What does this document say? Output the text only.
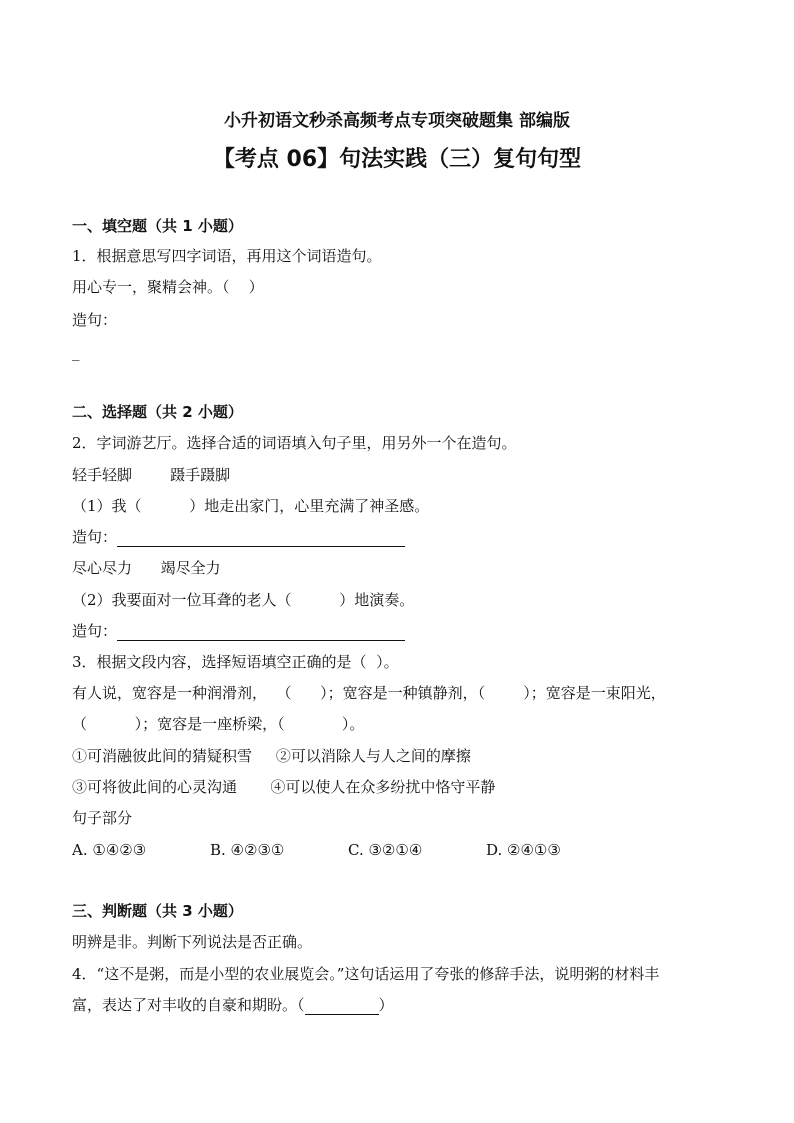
小升初语文秒杀高频考点专项突破题集 部编版
【考点 06】句法实践（三）复句句型
一、填空题（共 1 小题）
1．根据意思写四字词语，再用这个词语造句。
用心专一，聚精会神。（    ）
造句：
_
二、选择题（共 2 小题）
2．字词游艺厅。选择合适的词语填入句子里，用另外一个在造句。
轻手轻脚        蹑手蹑脚
（1）我（          ）地走出家门，心里充满了神圣感。
造句：
尽心尽力      竭尽全力
（2）我要面对一位耳聋的老人（          ）地演奏。
造句：
3．根据文段内容，选择短语填空正确的是（  ）。
有人说，宽容是一种润滑剂，  （      ）；宽容是一种镇静剂，（        ）；宽容是一束阳光，
（          ）；宽容是一座桥梁，（            ）。
①可消融彼此间的猜疑积雪     ②可以消除人与人之间的摩擦
③可将彼此间的心灵沟通       ④可以使人在众多纷扰中恪守平静
句子部分
A. ①④②③	B. ④②③①	C. ③②①④	D. ②④①③
三、判断题（共 3 小题）
明辨是非。判断下列说法是否正确。
4．“这不是粥，而是小型的农业展览会。”这句话运用了夸张的修辞手法，说明粥的材料丰
富，表达了对丰收的自豪和期盼。（	）
